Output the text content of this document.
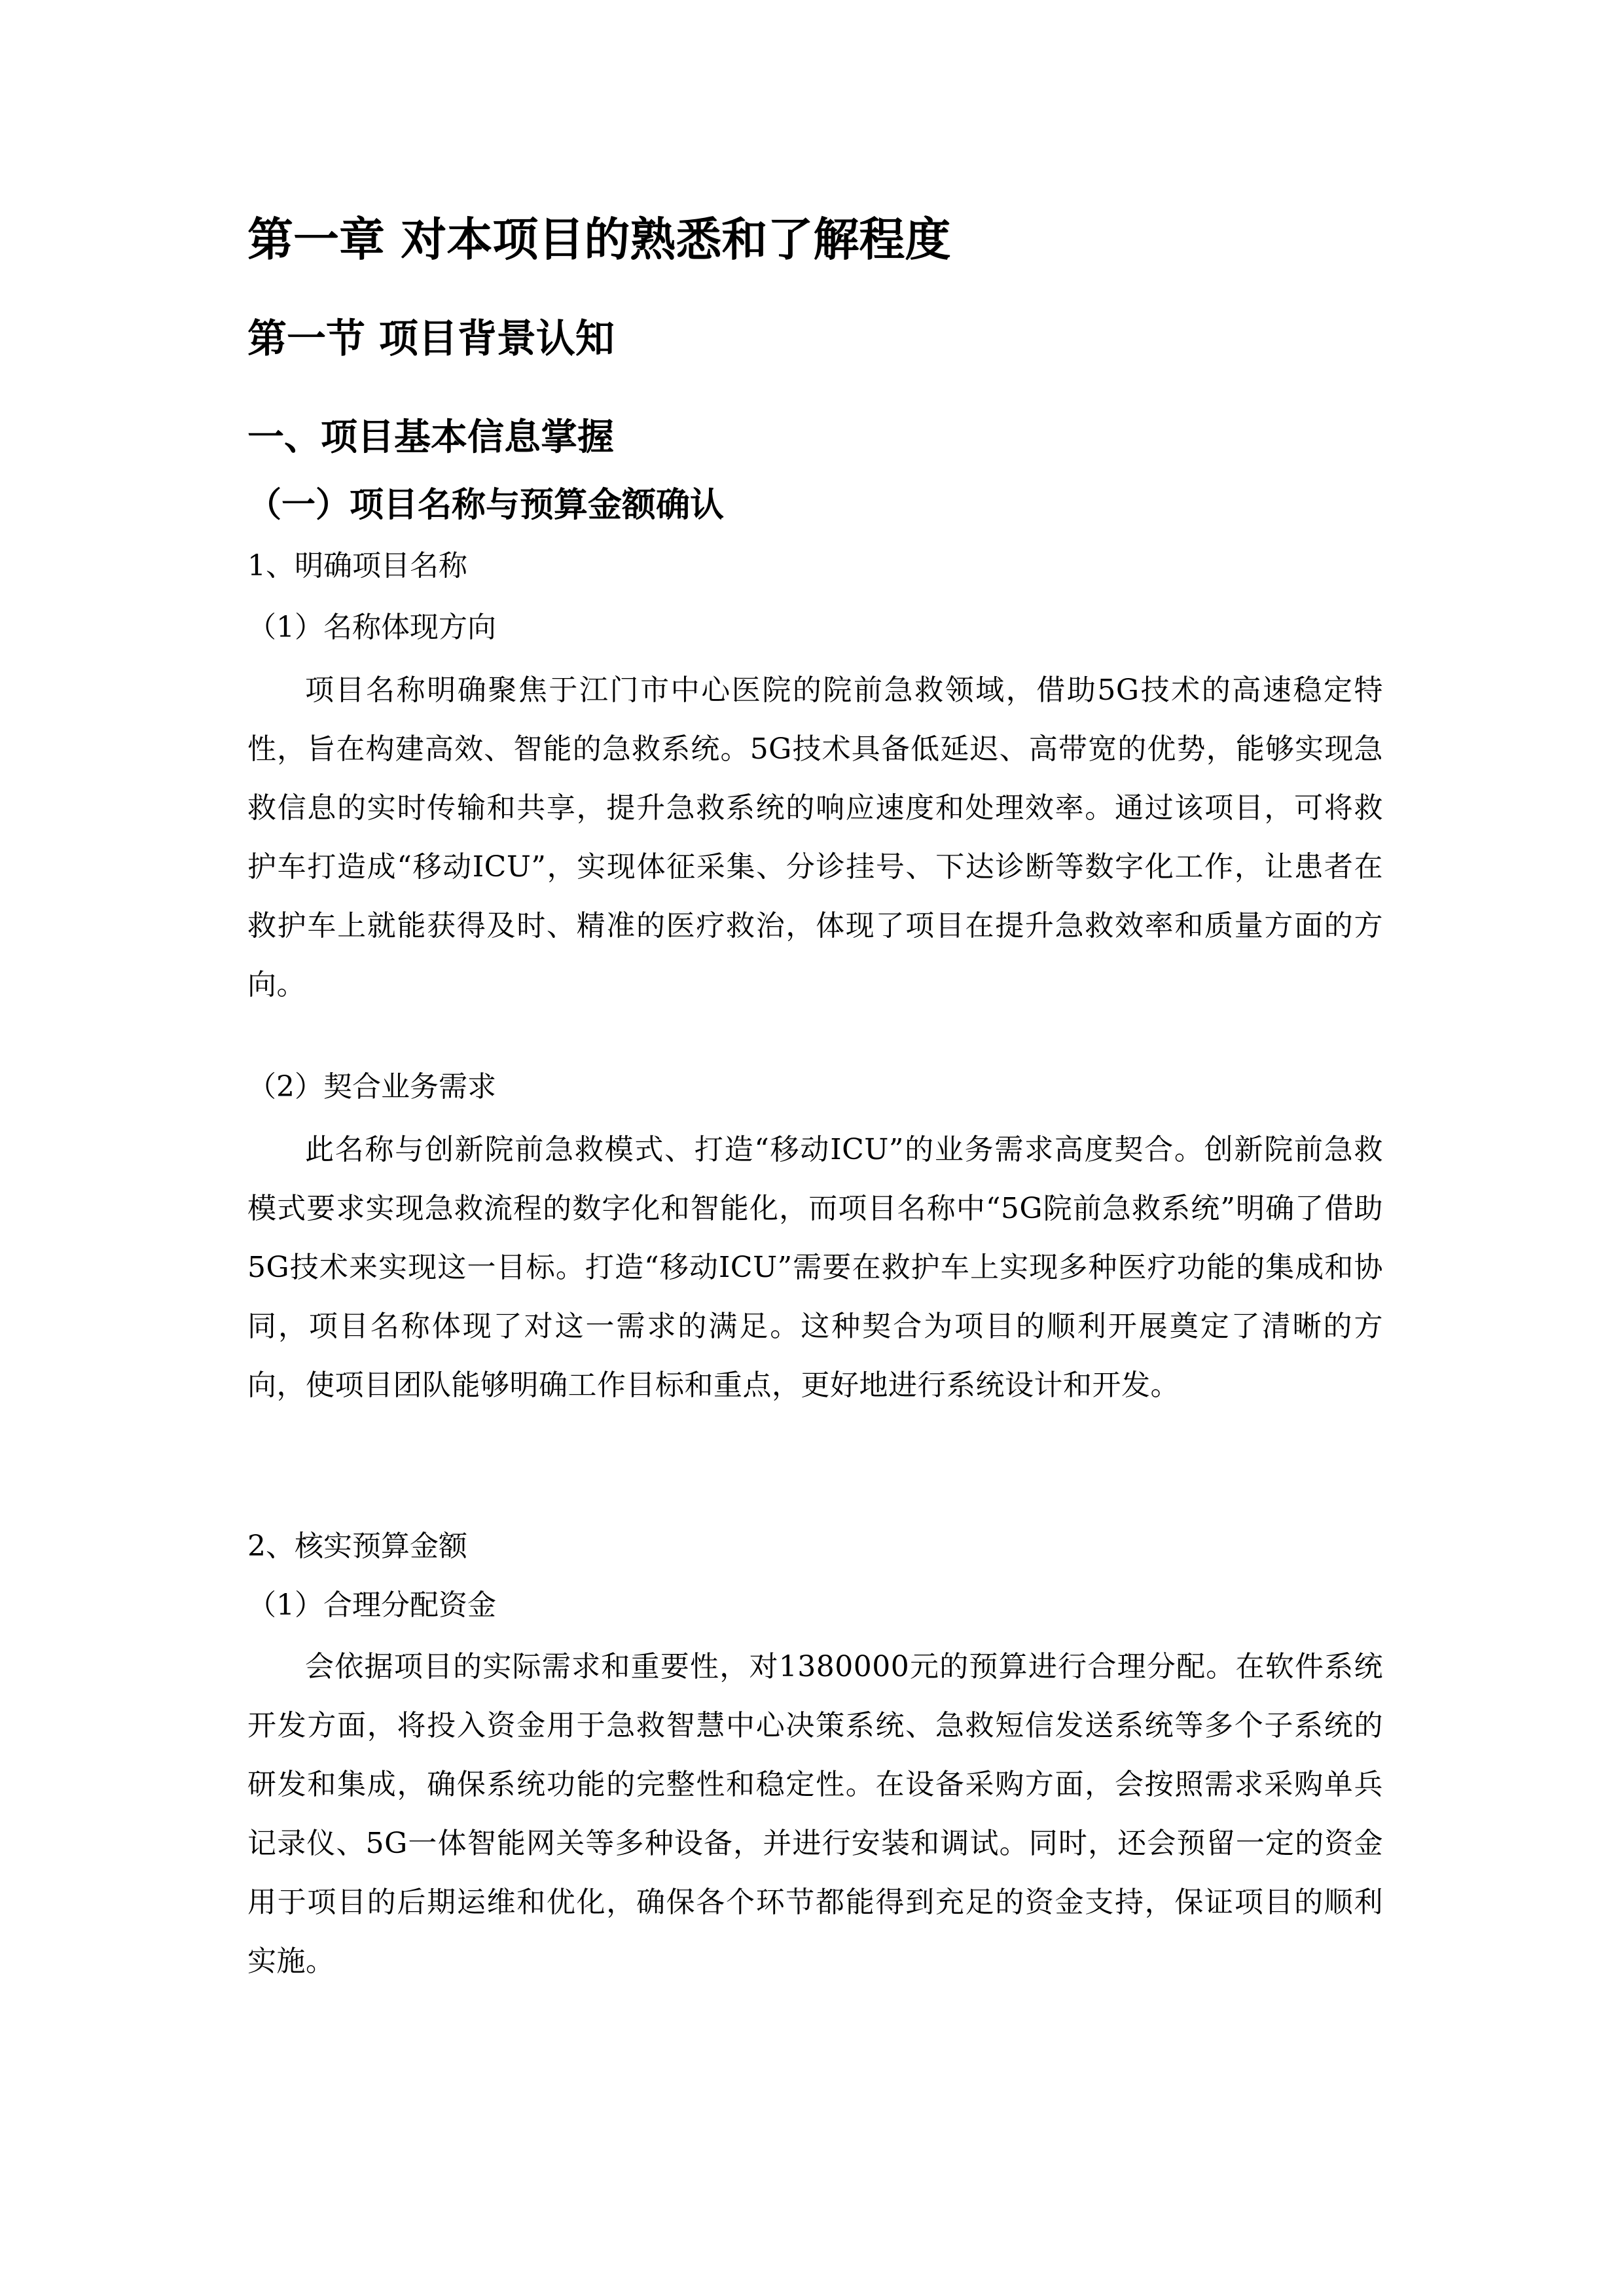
第一章 对本项目的熟悉和了解程度
第一节 项目背景认知
一、项目基本信息掌握
（一）项目名称与预算金额确认

1、明确项目名称

（1）名称体现方向

项目名称明确聚焦于江门市中心医院的院前急救领域，借助5G技术的高速稳定特性，旨在构建高效、智能的急救系统。5G技术具备低延迟、高带宽的优势，能够实现急救信息的实时传输和共享，提升急救系统的响应速度和处理效率。通过该项目，可将救护车打造成“移动ICU”，实现体征采集、分诊挂号、下达诊断等数字化工作，让患者在救护车上就能获得及时、精准的医疗救治，体现了项目在提升急救效率和质量方面的方向。

（2）契合业务需求

此名称与创新院前急救模式、打造“移动ICU”的业务需求高度契合。创新院前急救模式要求实现急救流程的数字化和智能化，而项目名称中“5G院前急救系统”明确了借助5G技术来实现这一目标。打造“移动ICU”需要在救护车上实现多种医疗功能的集成和协同，项目名称体现了对这一需求的满足。这种契合为项目的顺利开展奠定了清晰的方向，使项目团队能够明确工作目标和重点，更好地进行系统设计和开发。

2、核实预算金额

（1）合理分配资金

会依据项目的实际需求和重要性，对1380000元的预算进行合理分配。在软件系统开发方面，将投入资金用于急救智慧中心决策系统、急救短信发送系统等多个子系统的研发和集成，确保系统功能的完整性和稳定性。在设备采购方面，会按照需求采购单兵记录仪、5G一体智能网关等多种设备，并进行安装和调试。同时，还会预留一定的资金用于项目的后期运维和优化，确保各个环节都能得到充足的资金支持，保证项目的顺利实施。
